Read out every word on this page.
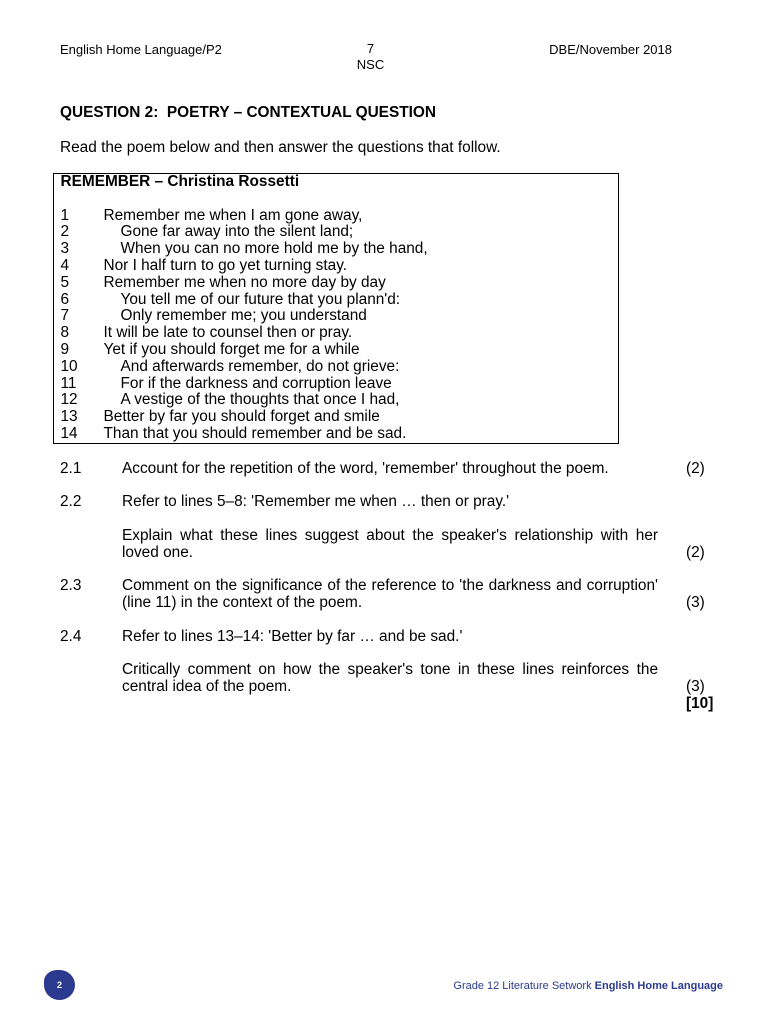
English Home Language/P2	7
NSC
DBE/November 2018
QUESTION 2:  POETRY – CONTEXTUAL QUESTION
Read the poem below and then answer the questions that follow.
REMEMBER – Christina Rossetti
1	Remember me when I am gone away,
2	Gone far away into the silent land;
3	When you can no more hold me by the hand,
4	Nor I half turn to go yet turning stay.
5	Remember me when no more day by day
6	You tell me of our future that you plann'd:
7	Only remember me; you understand
8	It will be late to counsel then or pray.
9	Yet if you should forget me for a while
10	And afterwards remember, do not grieve:
11	For if the darkness and corruption leave
12	A vestige of the thoughts that once I had,
13	Better by far you should forget and smile
14	Than that you should remember and be sad.
2.1	Account for the repetition of the word, 'remember' throughout the poem.	(2)
2.2	Refer to lines 5–8: 'Remember me when … then or pray.'
Explain what these lines suggest about the speaker's relationship with her loved one.	(2)
2.3	Comment on the significance of the reference to 'the darkness and corruption' (line 11) in the context of the poem.	(3)
2.4	Refer to lines 13–14: 'Better by far … and be sad.'
Critically comment on how the speaker's tone in these lines reinforces the central idea of the poem.	(3)
[10]
2	Grade 12 Literature Setwork English Home Language
